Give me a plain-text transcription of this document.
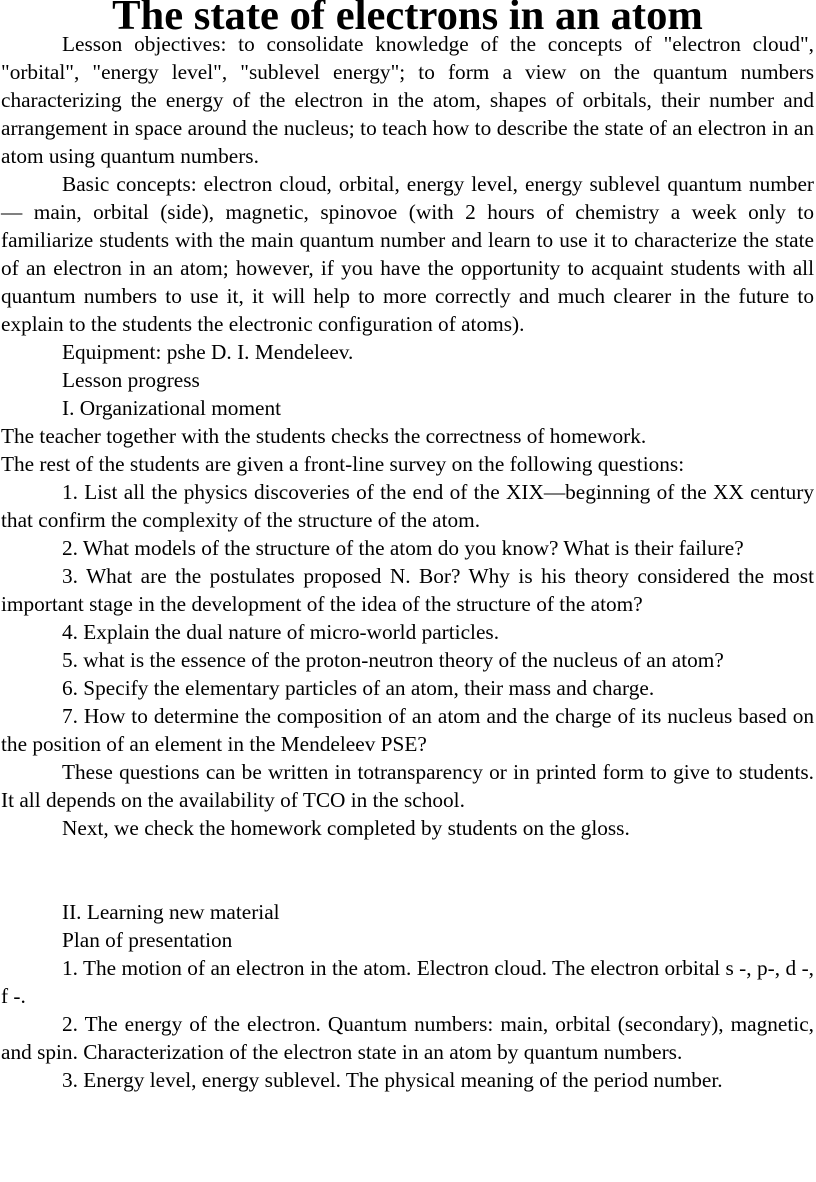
The state of electrons in an atom

Lesson objectives: to consolidate knowledge of the concepts of "electron cloud", "orbital", "energy level", "sublevel energy"; to form a view on the quantum numbers characterizing the energy of the electron in the atom, shapes of orbitals, their number and arrangement in space around the nucleus; to teach how to describe the state of an electron in an atom using quantum numbers.

Basic concepts: electron cloud, orbital, energy level, energy sublevel quantum number — main, orbital (side), magnetic, spinovoe (with 2 hours of chemistry a week only to familiarize students with the main quantum number and learn to use it to characterize the state of an electron in an atom; however, if you have the opportunity to acquaint students with all quantum numbers to use it, it will help to more correctly and much clearer in the future to explain to the students the electronic configuration of atoms).

Equipment: pshe D. I. Mendeleev.

Lesson progress

I. Organizational moment

The teacher together with the students checks the correctness of homework.

The rest of the students are given a front-line survey on the following questions:

1. List all the physics discoveries of the end of the XIX—beginning of the XX century that confirm the complexity of the structure of the atom.

2. What models of the structure of the atom do you know? What is their failure?

3. What are the postulates proposed N. Bor? Why is his theory considered the most important stage in the development of the idea of the structure of the atom?

4. Explain the dual nature of micro-world particles.

5. what is the essence of the proton-neutron theory of the nucleus of an atom?

6. Specify the elementary particles of an atom, their mass and charge.

7. How to determine the composition of an atom and the charge of its nucleus based on the position of an element in the Mendeleev PSE?

These questions can be written in totransparency or in printed form to give to students. It all depends on the availability of TCO in the school.

Next, we check the homework completed by students on the gloss.

II. Learning new material

Plan of presentation

1. The motion of an electron in the atom. Electron cloud. The electron orbital s -, p-, d -, f -.

2. The energy of the electron. Quantum numbers: main, orbital (secondary), magnetic, and spin. Characterization of the electron state in an atom by quantum numbers.

3. Energy level, energy sublevel. The physical meaning of the period number.
